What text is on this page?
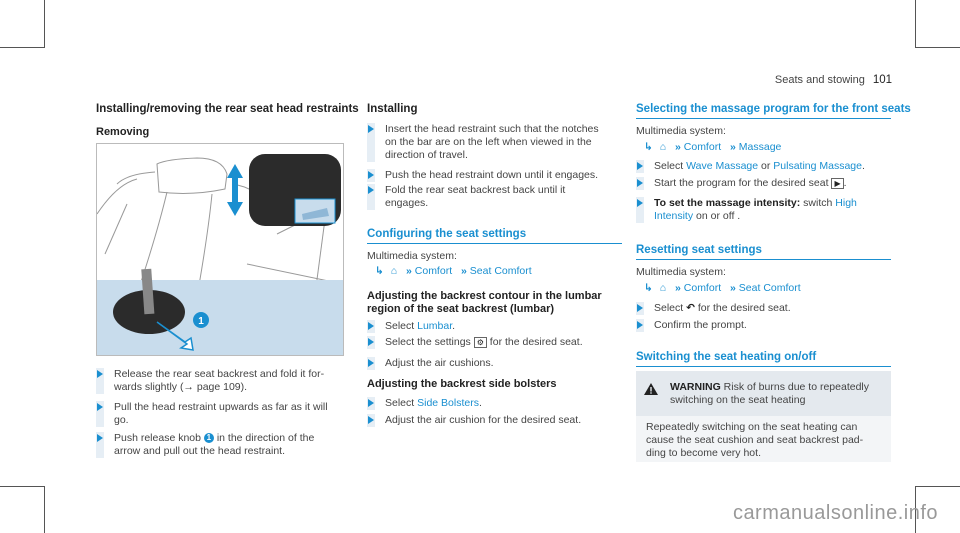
Seats and stowing 101
Installing/removing the rear seat head restraints
Removing
1
Release the rear seat backrest and fold it for-
wards slightly (→ page 109).
Pull the head restraint upwards as far as it will
go.
Push release knob 1 in the direction of the
arrow and pull out the head restraint.
Installing
Insert the head restraint such that the notches
on the bar are on the left when viewed in the
direction of travel.
Push the head restraint down until it engages.
Fold the rear seat backrest back until it
engages.
Configuring the seat settings
Multimedia system:
↳ ⌂ » Comfort » Seat Comfort
Adjusting the backrest contour in the lumbar
region of the seat backrest (lumbar)
Select Lumbar.
Select the settings ⚙ for the desired seat.
Adjust the air cushions.
Adjusting the backrest side bolsters
Select Side Bolsters.
Adjust the air cushion for the desired seat.
Selecting the massage program for the front seats
Multimedia system:
↳ ⌂ » Comfort » Massage
Select Wave Massage or Pulsating Massage.
Start the program for the desired seat ▶ .
To set the massage intensity: switch High
Intensity on or off .
Resetting seat settings
Multimedia system:
↳ ⌂ » Comfort » Seat Comfort
Select ↶ for the desired seat.
Confirm the prompt.
Switching the seat heating on/off
WARNING Risk of burns due to repeatedly
switching on the seat heating
Repeatedly switching on the seat heating can
cause the seat cushion and seat backrest pad-
ding to become very hot.
carmanualsonline.info
